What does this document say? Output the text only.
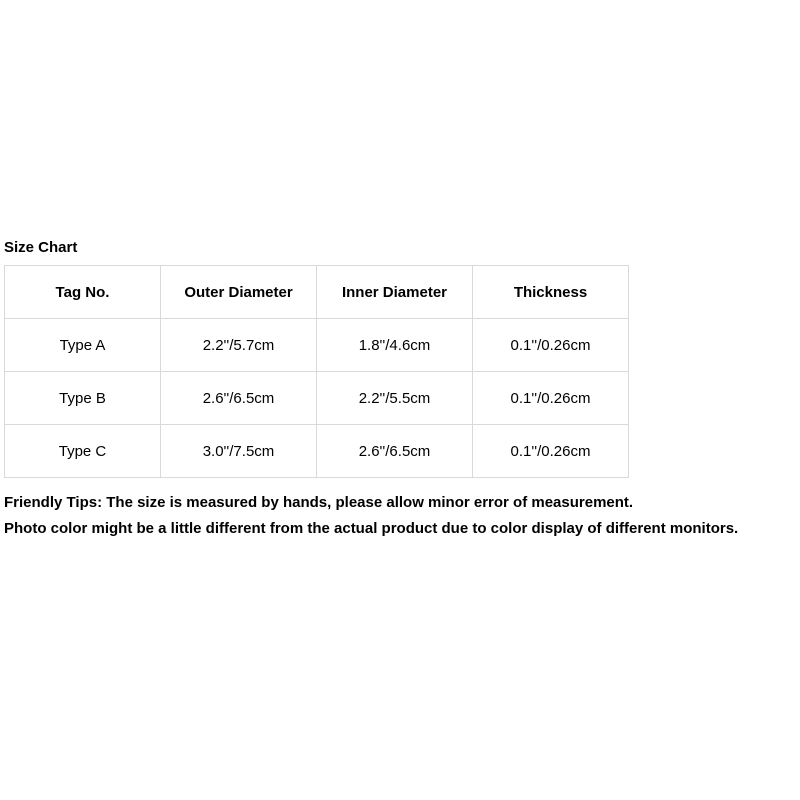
Size Chart
Tag No.	Outer Diameter	Inner Diameter	Thickness
Type A	2.2''/5.7cm	1.8''/4.6cm	0.1''/0.26cm
Type B	2.6''/6.5cm	2.2''/5.5cm	0.1''/0.26cm
Type C	3.0''/7.5cm	2.6''/6.5cm	0.1''/0.26cm
Friendly Tips: The size is measured by hands, please allow minor error of measurement.
Photo color might be a little different from the actual product due to color display of different monitors.
